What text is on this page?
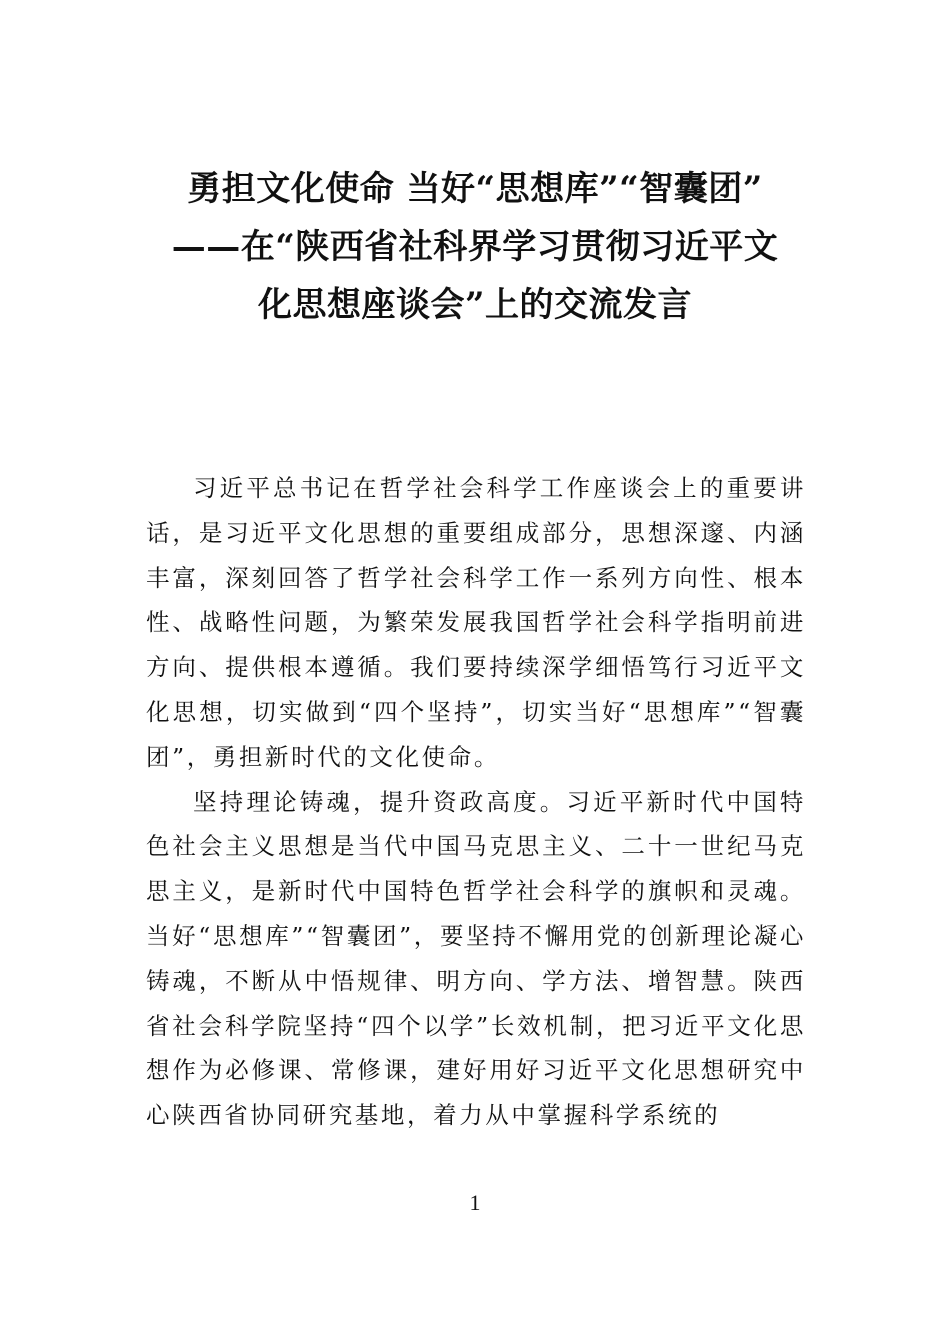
勇担文化使命 当好“思想库”“智囊团”
——在“陕西省社科界学习贯彻习近平文
化思想座谈会”上的交流发言

习近平总书记在哲学社会科学工作座谈会上的重要讲话，是习近平文化思想的重要组成部分，思想深邃、内涵丰富，深刻回答了哲学社会科学工作一系列方向性、根本性、战略性问题，为繁荣发展我国哲学社会科学指明前进方向、提供根本遵循。我们要持续深学细悟笃行习近平文化思想，切实做到“四个坚持”，切实当好“思想库”“智囊团”，勇担新时代的文化使命。

坚持理论铸魂，提升资政高度。习近平新时代中国特色社会主义思想是当代中国马克思主义、二十一世纪马克思主义，是新时代中国特色哲学社会科学的旗帜和灵魂。当好“思想库”“智囊团”，要坚持不懈用党的创新理论凝心铸魂，不断从中悟规律、明方向、学方法、增智慧。陕西省社会科学院坚持“四个以学”长效机制，把习近平文化思想作为必修课、常修课，建好用好习近平文化思想研究中心陕西省协同研究基地，着力从中掌握科学系统的

1
